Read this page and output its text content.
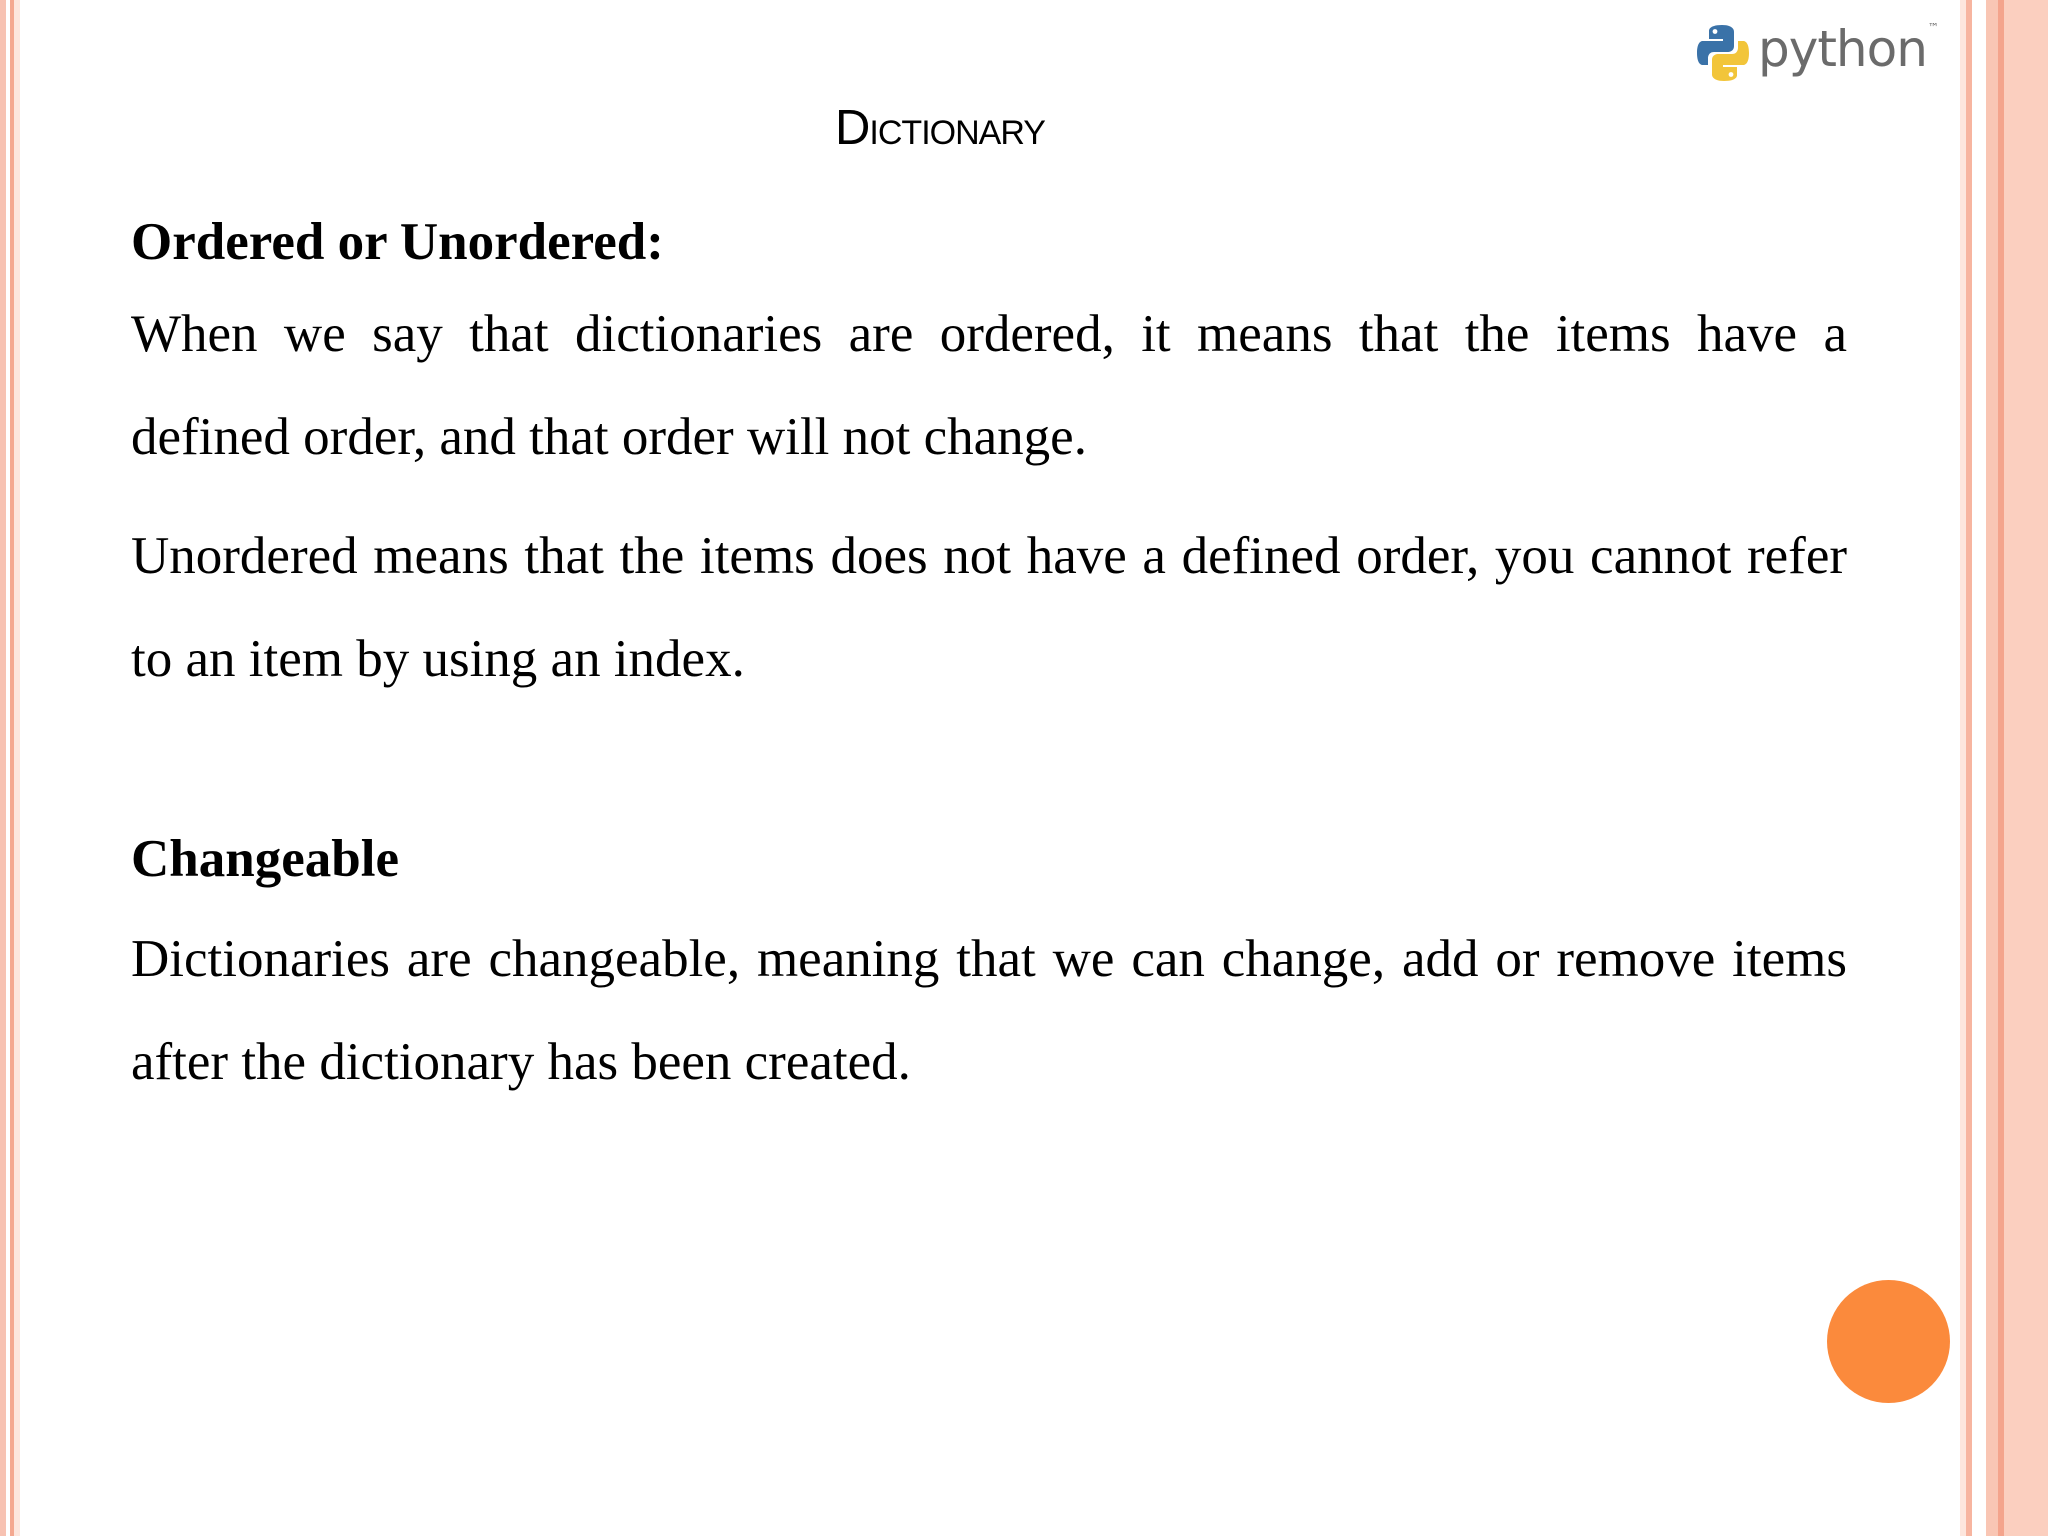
python ™
Dictionary

Ordered or Unordered:

When we say that dictionaries are ordered, it means that the items have a defined order, and that order will not change.

Unordered means that the items does not have a defined order, you cannot refer to an item by using an index.

Changeable

Dictionaries are changeable, meaning that we can change, add or remove items after the dictionary has been created.
